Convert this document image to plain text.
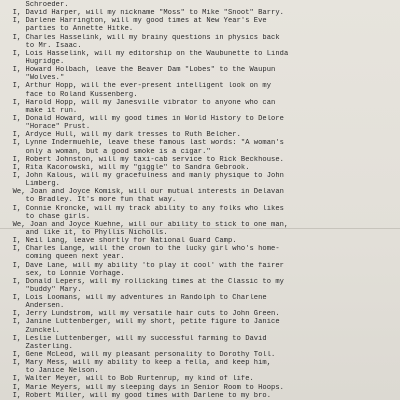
Schroeder.
I, David Harper, will my nickname "Moss" to Mike "Snoot" Barry.
I, Darlene Harrington, will my good times at New Year's Eve
parties to Annette Hitke.
I, Charles Hasselink, will my brainy questions in physics back
to Mr. Isaac.
I, Lois Hasselink, will my editorship on the Waubunette to Linda
Hugridge.
I, Howard Holbach, leave the Beaver Dam "Lobes" to the Waupun
"Wolves."
I, Arthur Hopp, will the ever-present intelligent look on my
face to Roland Kussenberg.
I, Harold Hopp, will my Janesville vibrator to anyone who can
make it run.
I, Donald Howard, will my good times in World History to Delore
"Horace" Prust.
I, Ardyce Hull, will my dark tresses to Ruth Belcher.
I, Lynne Indermuehle, leave these famous last words: "A woman's
only a woman, but a good smoke is a cigar."
I, Robert Johnston, will my taxi-cab service to Rick Beckhouse.
I, Rita Kacorowski, will my "giggle" to Sandra Gebrook.
I, John Kalous, will my gracefulness and manly physique to John
Limberg.
We, Joan and Joyce Komisk, will our mutual interests in Delavan
to Bradley. It's more fun that way.
I, Connie Kroncke, will my track ability to any folks who likes
to chase girls.
We, Joan and Joyce Kuehne, will our ability to stick to one man,
and like it, to Phyllis Nicholls.
I, Neil Lang, leave shortly for National Guard Camp.
I, Charles Lange, will the crown to the lucky girl who's home-
coming queen next year.
I, Dave Lane, will my ability 'to play it cool' with the fairer
sex, to Lonnie Vorhage.
I, Donald Lepers, will my rollicking times at the Classic to my
"buddy" Mary.
I, Lois Loomans, will my adventures in Randolph to Charlene
Andersen.
I, Jerry Lundstrom, will my versatile hair cuts to John Green.
I, Janine Luttenberger, will my short, petite figure to Janice
Zunckel.
I, Leslie Luttenberger, will my successful farming to David
Zasterling.
I, Gene McLeod, will my pleasant personality to Dorothy Toll.
I, Mary Mess, will my ability to keep a fella, and keep him,
to Janice Nelson.
I, Walter Meyer, will to Bob Rurtenrup, my kind of life.
I, Marie Meyers, will my sleeping days in Senior Room to Hoops.
I, Robert Miller, will my good times with Darlene to my bro.
